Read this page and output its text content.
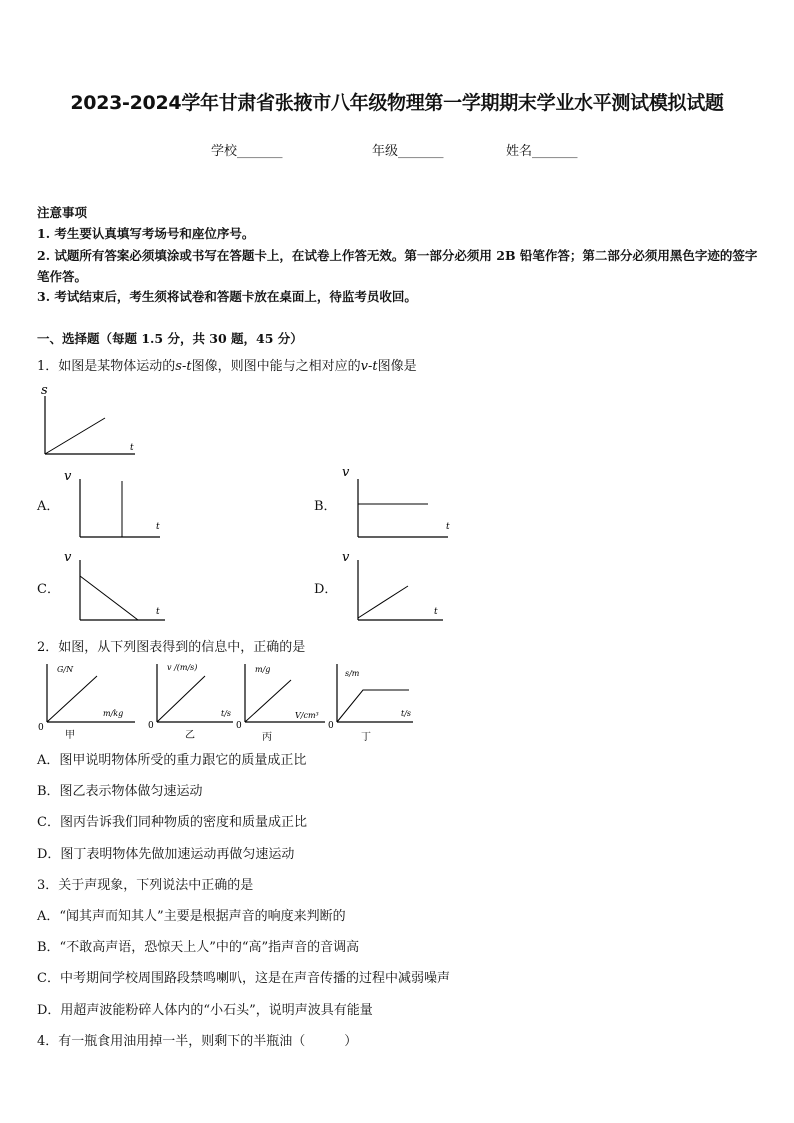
2023-2024学年甘肃省张掖市八年级物理第一学期期末学业水平测试模拟试题
学校_______	年级_______	姓名_______
注意事项
1. 考生要认真填写考场号和座位序号。
2. 试题所有答案必须填涂或书写在答题卡上，在试卷上作答无效。第一部分必须用 2B 铅笔作答；第二部分必须用黑色字迹的签字笔作答。
3. 考试结束后，考生须将试卷和答题卡放在桌面上，待监考员收回。
一、选择题（每题 1.5 分，共 30 题，45 分）
1．如图是某物体运动的s-t图像，则图中能与之相对应的v-t图像是
s
t
A．
v
t
B．
v
t
C．
v
t
D．
v
t
2．如图，从下列图表得到的信息中，正确的是
G/N
m/kg
0
甲
v /(m/s)
t/s
0
乙
m/g
V/cm³
0
丙
s/m
t/s
0
丁
A．图甲说明物体所受的重力跟它的质量成正比
B．图乙表示物体做匀速运动
C．图丙告诉我们同种物质的密度和质量成正比
D．图丁表明物体先做加速运动再做匀速运动
3．关于声现象，下列说法中正确的是
A．“闻其声而知其人”主要是根据声音的响度来判断的
B．“不敢高声语，恐惊天上人”中的“高”指声音的音调高
C．中考期间学校周围路段禁鸣喇叭，这是在声音传播的过程中减弱噪声
D．用超声波能粉碎人体内的“小石头”，说明声波具有能量
4．有一瓶食用油用掉一半，则剩下的半瓶油（　　　）
